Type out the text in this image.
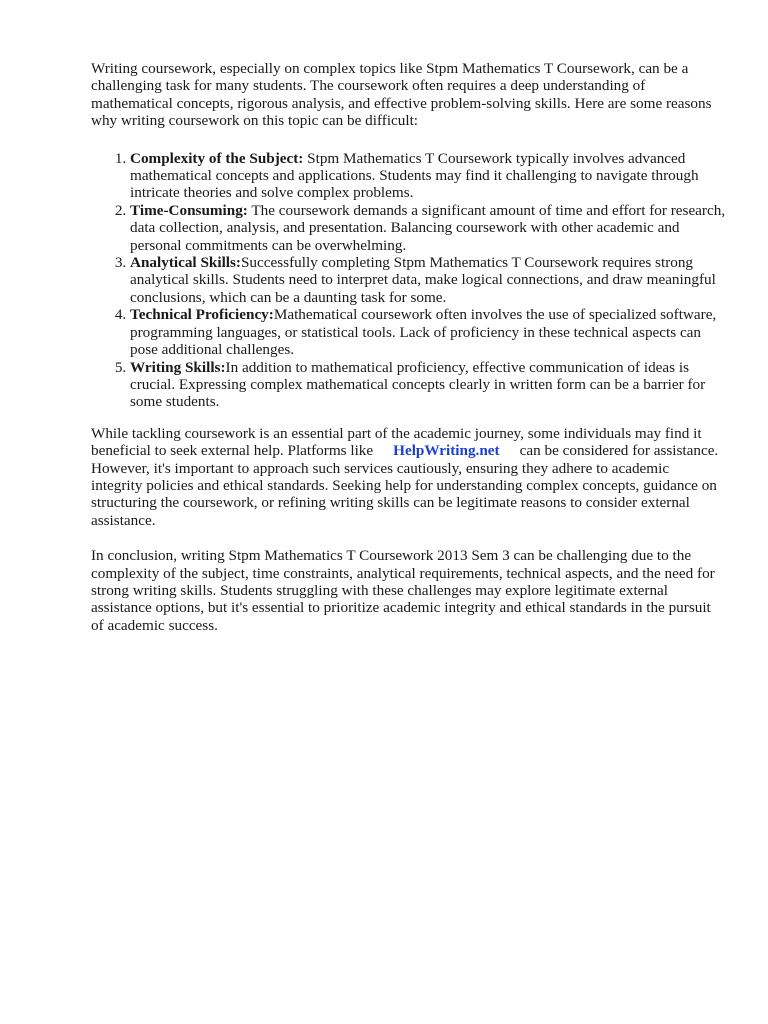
Writing coursework, especially on complex topics like Stpm Mathematics T Coursework, can be a challenging task for many students. The coursework often requires a deep understanding of mathematical concepts, rigorous analysis, and effective problem-solving skills. Here are some reasons why writing coursework on this topic can be difficult:

1. Complexity of the Subject: Stpm Mathematics T Coursework typically involves advanced mathematical concepts and applications. Students may find it challenging to navigate through intricate theories and solve complex problems.
2. Time-Consuming: The coursework demands a significant amount of time and effort for research, data collection, analysis, and presentation. Balancing coursework with other academic and personal commitments can be overwhelming.
3. Analytical Skills:Successfully completing Stpm Mathematics T Coursework requires strong analytical skills. Students need to interpret data, make logical connections, and draw meaningful conclusions, which can be a daunting task for some.
4. Technical Proficiency:Mathematical coursework often involves the use of specialized software, programming languages, or statistical tools. Lack of proficiency in these technical aspects can pose additional challenges.
5. Writing Skills:In addition to mathematical proficiency, effective communication of ideas is crucial. Expressing complex mathematical concepts clearly in written form can be a barrier for some students.

While tackling coursework is an essential part of the academic journey, some individuals may find it beneficial to seek external help. Platforms like HelpWriting.net can be considered for assistance. However, it's important to approach such services cautiously, ensuring they adhere to academic integrity policies and ethical standards. Seeking help for understanding complex concepts, guidance on structuring the coursework, or refining writing skills can be legitimate reasons to consider external assistance.

In conclusion, writing Stpm Mathematics T Coursework 2013 Sem 3 can be challenging due to the complexity of the subject, time constraints, analytical requirements, technical aspects, and the need for strong writing skills. Students struggling with these challenges may explore legitimate external assistance options, but it's essential to prioritize academic integrity and ethical standards in the pursuit of academic success.
